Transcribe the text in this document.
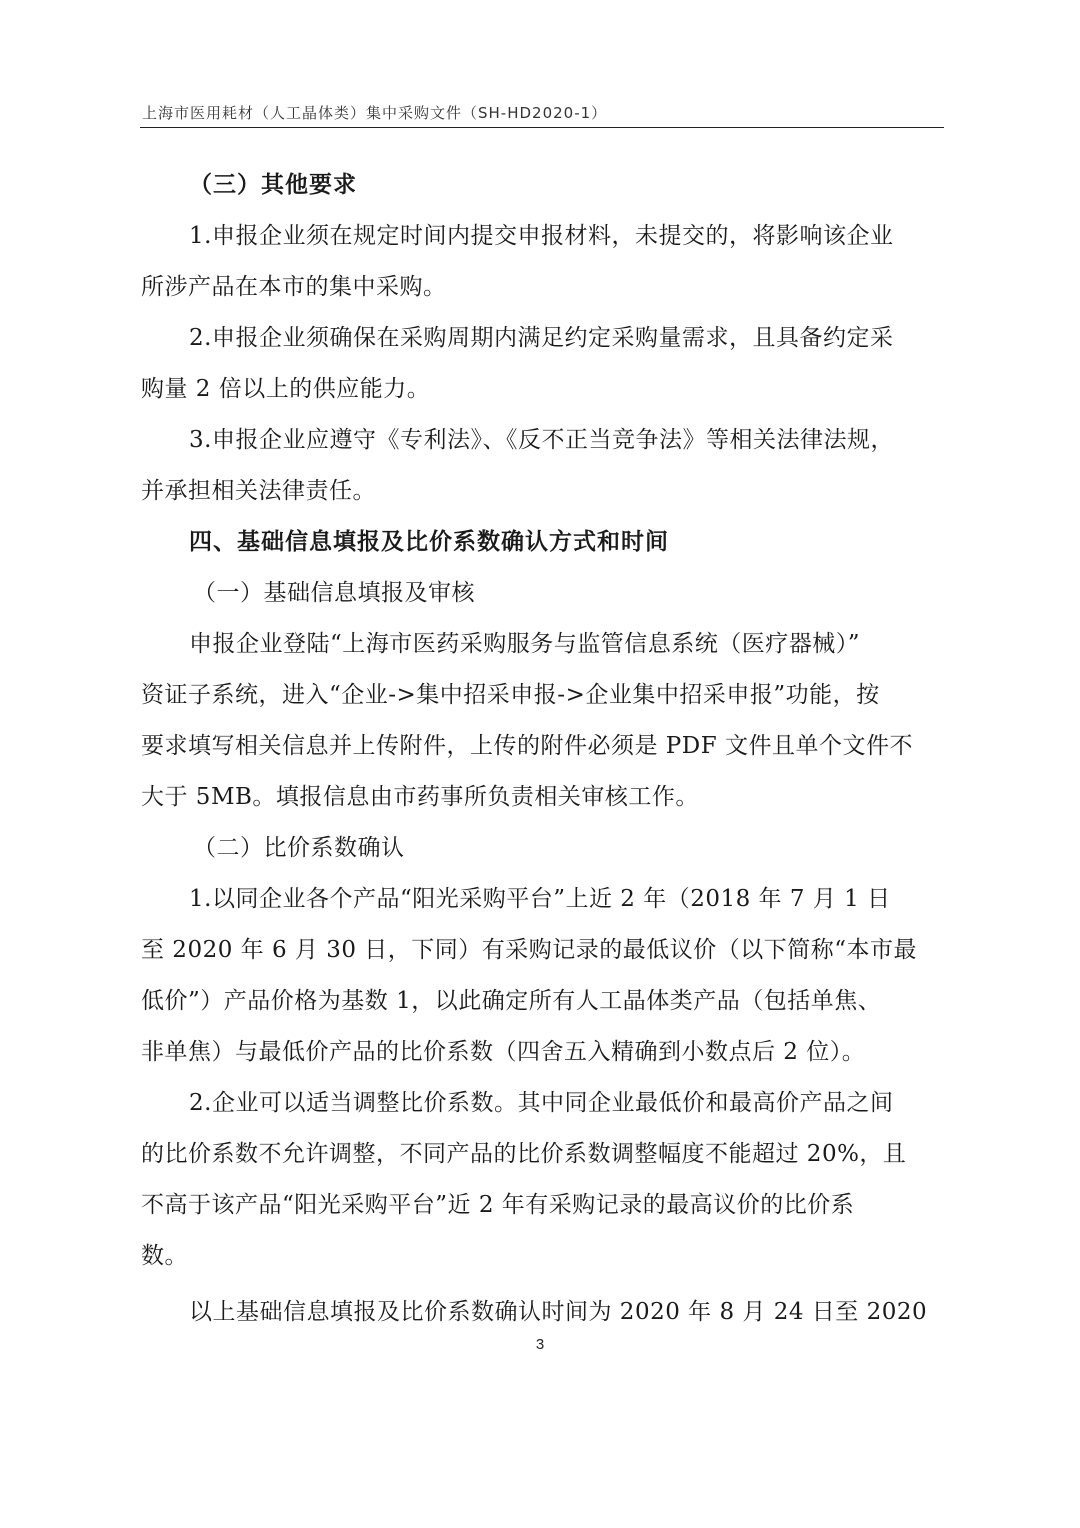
上海市医用耗材（人工晶体类）集中采购文件（SH-HD2020-1）
（三）其他要求
1.申报企业须在规定时间内提交申报材料，未提交的，将影响该企业
所涉产品在本市的集中采购。
2.申报企业须确保在采购周期内满足约定采购量需求，且具备约定采
购量 2 倍以上的供应能力。
3.申报企业应遵守《专利法》、《反不正当竞争法》等相关法律法规，
并承担相关法律责任。
四、基础信息填报及比价系数确认方式和时间
（一）基础信息填报及审核
申报企业登陆“上海市医药采购服务与监管信息系统（医疗器械）”
资证子系统，进入“企业->集中招采申报->企业集中招采申报”功能，按
要求填写相关信息并上传附件，上传的附件必须是 PDF 文件且单个文件不
大于 5MB。填报信息由市药事所负责相关审核工作。
（二）比价系数确认
1.以同企业各个产品“阳光采购平台”上近 2 年（2018 年 7 月 1 日
至 2020 年 6 月 30 日，下同）有采购记录的最低议价（以下简称“本市最
低价”）产品价格为基数 1，以此确定所有人工晶体类产品（包括单焦、
非单焦）与最低价产品的比价系数（四舍五入精确到小数点后 2 位）。
2.企业可以适当调整比价系数。其中同企业最低价和最高价产品之间
的比价系数不允许调整，不同产品的比价系数调整幅度不能超过 20%，且
不高于该产品“阳光采购平台”近 2 年有采购记录的最高议价的比价系
数。
以上基础信息填报及比价系数确认时间为 2020 年 8 月 24 日至 2020
3
